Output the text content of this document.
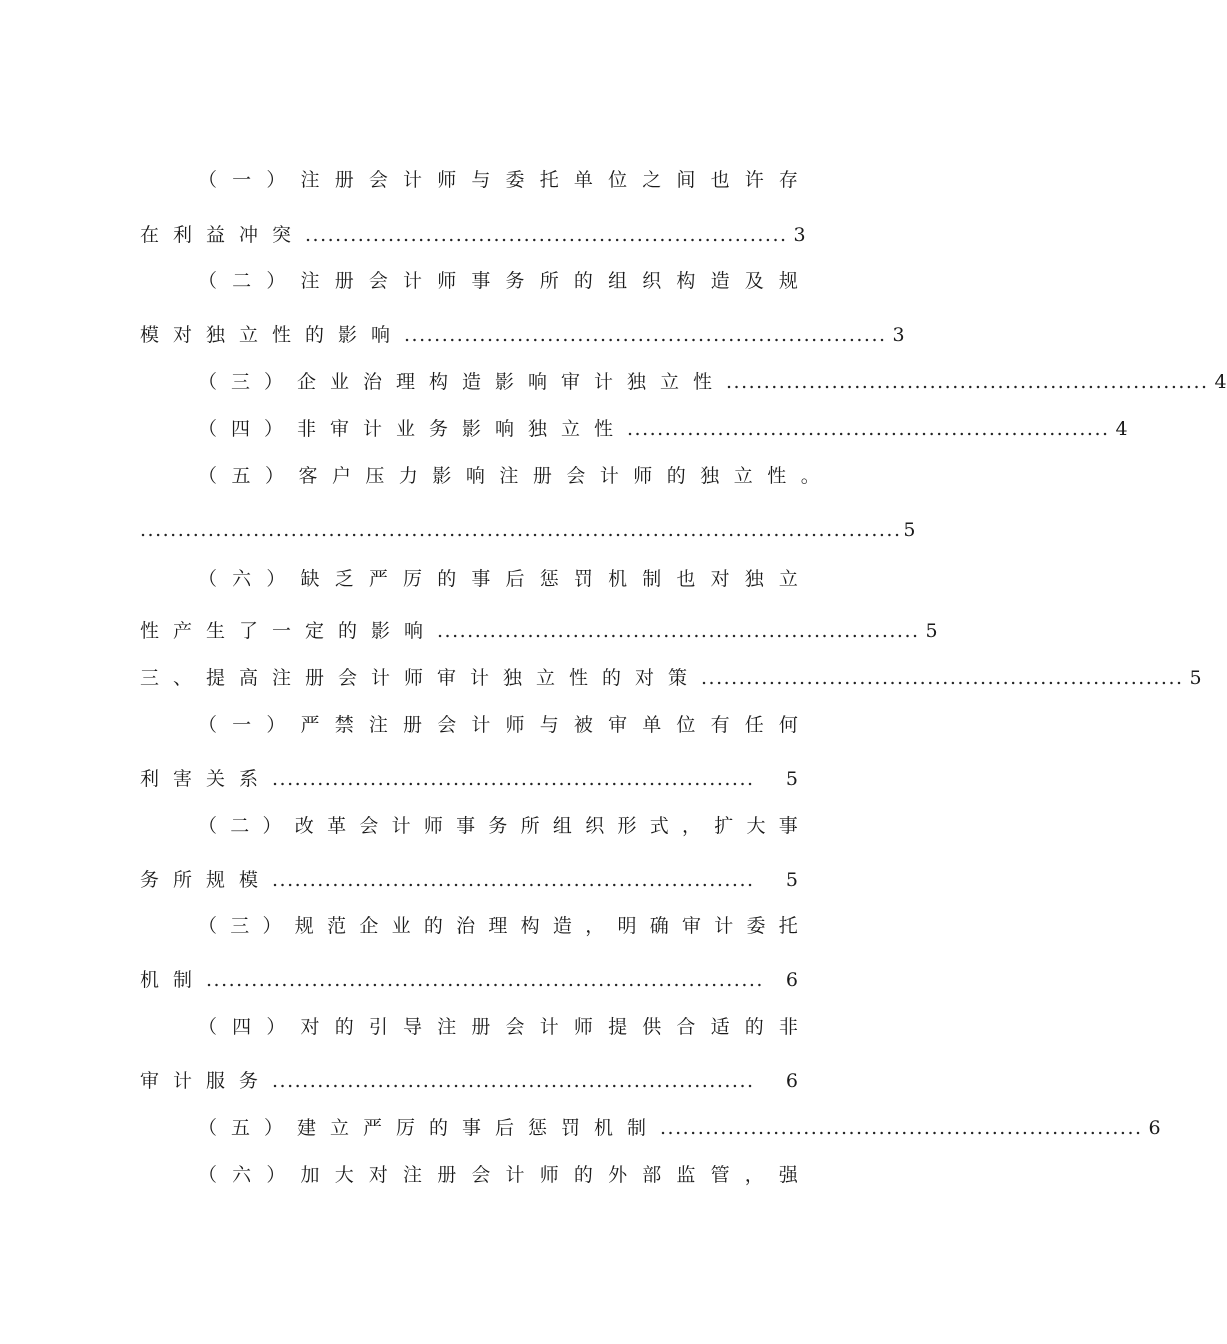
（ 一 ） 注 册 会 计 师 与 委 托 单 位 之 间 也 许 存
在利益冲突 ................................................................ 3
（ 二 ） 注 册 会 计 师 事 务 所 的 组 织 构 造 及 规
模对独立性的影响 ................................................................ 3
（三）企业治理构造影响审计独立性 ................................................................ 4
（四）非审计业务影响独立性 ................................................................ 4
（ 五 ） 客 户 压 力 影 响 注 册 会 计 师 的 独 立 性 。
..................................................................................................... 5
（ 六 ） 缺 乏 严 厉 的 事 后 惩 罚 机 制 也 对 独 立
性产生了一定的影响 ................................................................ 5
三、提高注册会计师审计独立性的对策 ................................................................ 5
（ 一 ） 严 禁 注 册 会 计 师 与 被 审 单 位 有 任 何
利害关系 ................................................................	5
（ 二 ） 改 革 会 计 师 事 务 所 组 织 形 式 ， 扩 大 事
务所规模 ................................................................	5
（ 三 ） 规 范 企 业 的 治 理 构 造 ， 明 确 审 计 委 托
机制 ..........................................................................	6
（ 四 ） 对 的 引 导 注 册 会 计 师 提 供 合 适 的 非
审计服务 ................................................................	6
（五）建立严厉的事后惩罚机制 ................................................................ 6
（ 六 ） 加 大 对 注 册 会 计 师 的 外 部 监 管 ， 强
